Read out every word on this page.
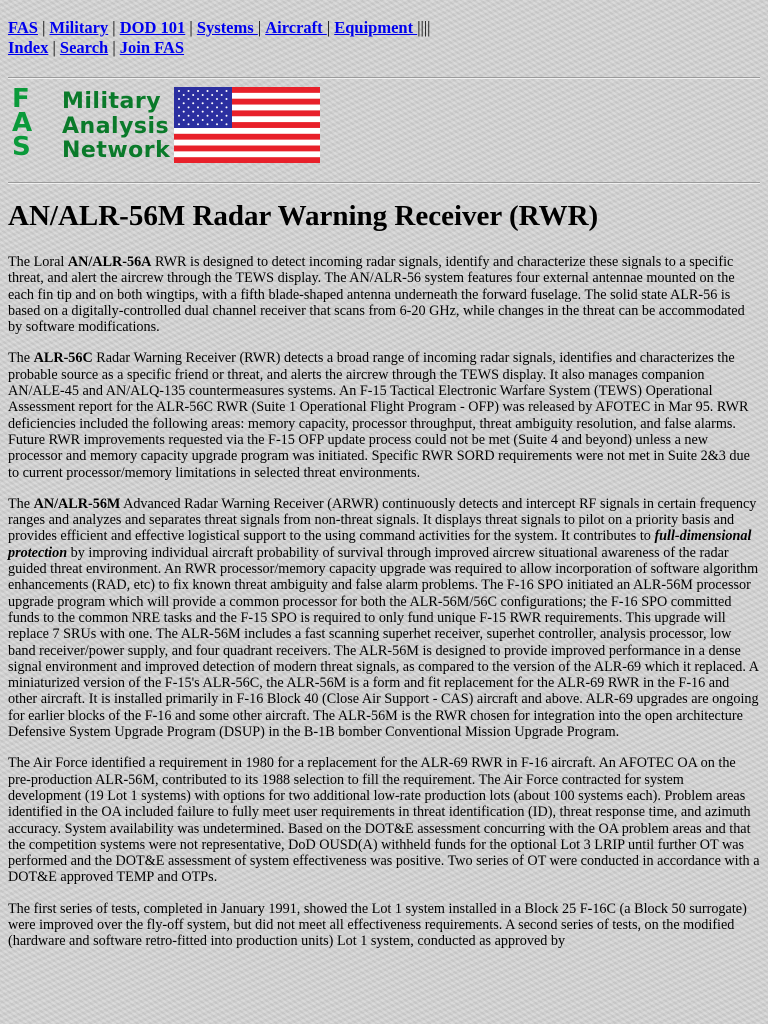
FAS | Military | DOD 101 | Systems | Aircraft | Equipment ||||
Index | Search | Join FAS
F
A
S
Military
Analysis
Network
AN/ALR-56M Radar Warning Receiver (RWR)

The Loral AN/ALR-56A RWR is designed to detect incoming radar signals, identify and characterize these signals to a specific threat, and alert the aircrew through the TEWS display. The AN/ALR-56 system features four external antennae mounted on the each fin tip and on both wingtips, with a fifth blade-shaped antenna underneath the forward fuselage. The solid state ALR-56 is based on a digitally-controlled dual channel receiver that scans from 6-20 GHz, while changes in the threat can be accommodated by software modifications.

The ALR-56C Radar Warning Receiver (RWR) detects a broad range of incoming radar signals, identifies and characterizes the probable source as a specific friend or threat, and alerts the aircrew through the TEWS display. It also manages companion AN/ALE-45 and AN/ALQ-135 countermeasures systems. An F-15 Tactical Electronic Warfare System (TEWS) Operational Assessment report for the ALR-56C RWR (Suite 1 Operational Flight Program - OFP) was released by AFOTEC in Mar 95. RWR deficiencies included the following areas: memory capacity, processor throughput, threat ambiguity resolution, and false alarms. Future RWR improvements requested via the F-15 OFP update process could not be met (Suite 4 and beyond) unless a new processor and memory capacity upgrade program was initiated. Specific RWR SORD requirements were not met in Suite 2&3 due to current processor/memory limitations in selected threat environments.

The AN/ALR-56M Advanced Radar Warning Receiver (ARWR) continuously detects and intercept RF signals in certain frequency ranges and analyzes and separates threat signals from non-threat signals. It displays threat signals to pilot on a priority basis and provides efficient and effective logistical support to the using command activities for the system. It contributes to full-dimensional protection by improving individual aircraft probability of survival through improved aircrew situational awareness of the radar guided threat environment. An RWR processor/memory capacity upgrade was required to allow incorporation of software algorithm enhancements (RAD, etc) to fix known threat ambiguity and false alarm problems. The F-16 SPO initiated an ALR-56M processor upgrade program which will provide a common processor for both the ALR-56M/56C configurations; the F-16 SPO committed funds to the common NRE tasks and the F-15 SPO is required to only fund unique F-15 RWR requirements. This upgrade will replace 7 SRUs with one. The ALR-56M includes a fast scanning superhet receiver, superhet controller, analysis processor, low band receiver/power supply, and four quadrant receivers. The ALR-56M is designed to provide improved performance in a dense signal environment and improved detection of modern threat signals, as compared to the version of the ALR-69 which it replaced. A miniaturized version of the F-15's ALR-56C, the ALR-56M is a form and fit replacement for the ALR-69 RWR in the F-16 and other aircraft. It is installed primarily in F-16 Block 40 (Close Air Support - CAS) aircraft and above. ALR-69 upgrades are ongoing for earlier blocks of the F-16 and some other aircraft. The ALR-56M is the RWR chosen for integration into the open architecture Defensive System Upgrade Program (DSUP) in the B-1B bomber Conventional Mission Upgrade Program.

The Air Force identified a requirement in 1980 for a replacement for the ALR-69 RWR in F-16 aircraft. An AFOTEC OA on the pre-production ALR-56M, contributed to its 1988 selection to fill the requirement. The Air Force contracted for system development (19 Lot 1 systems) with options for two additional low-rate production lots (about 100 systems each). Problem areas identified in the OA included failure to fully meet user requirements in threat identification (ID), threat response time, and azimuth accuracy. System availability was undetermined. Based on the DOT&E assessment concurring with the OA problem areas and that the competition systems were not representative, DoD OUSD(A) withheld funds for the optional Lot 3 LRIP until further OT was performed and the DOT&E assessment of system effectiveness was positive. Two series of OT were conducted in accordance with a DOT&E approved TEMP and OTPs.

The first series of tests, completed in January 1991, showed the Lot 1 system installed in a Block 25 F-16C (a Block 50 surrogate) were improved over the fly-off system, but did not meet all effectiveness requirements. A second series of tests, on the modified (hardware and software retro-fitted into production units) Lot 1 system, conducted as approved by
